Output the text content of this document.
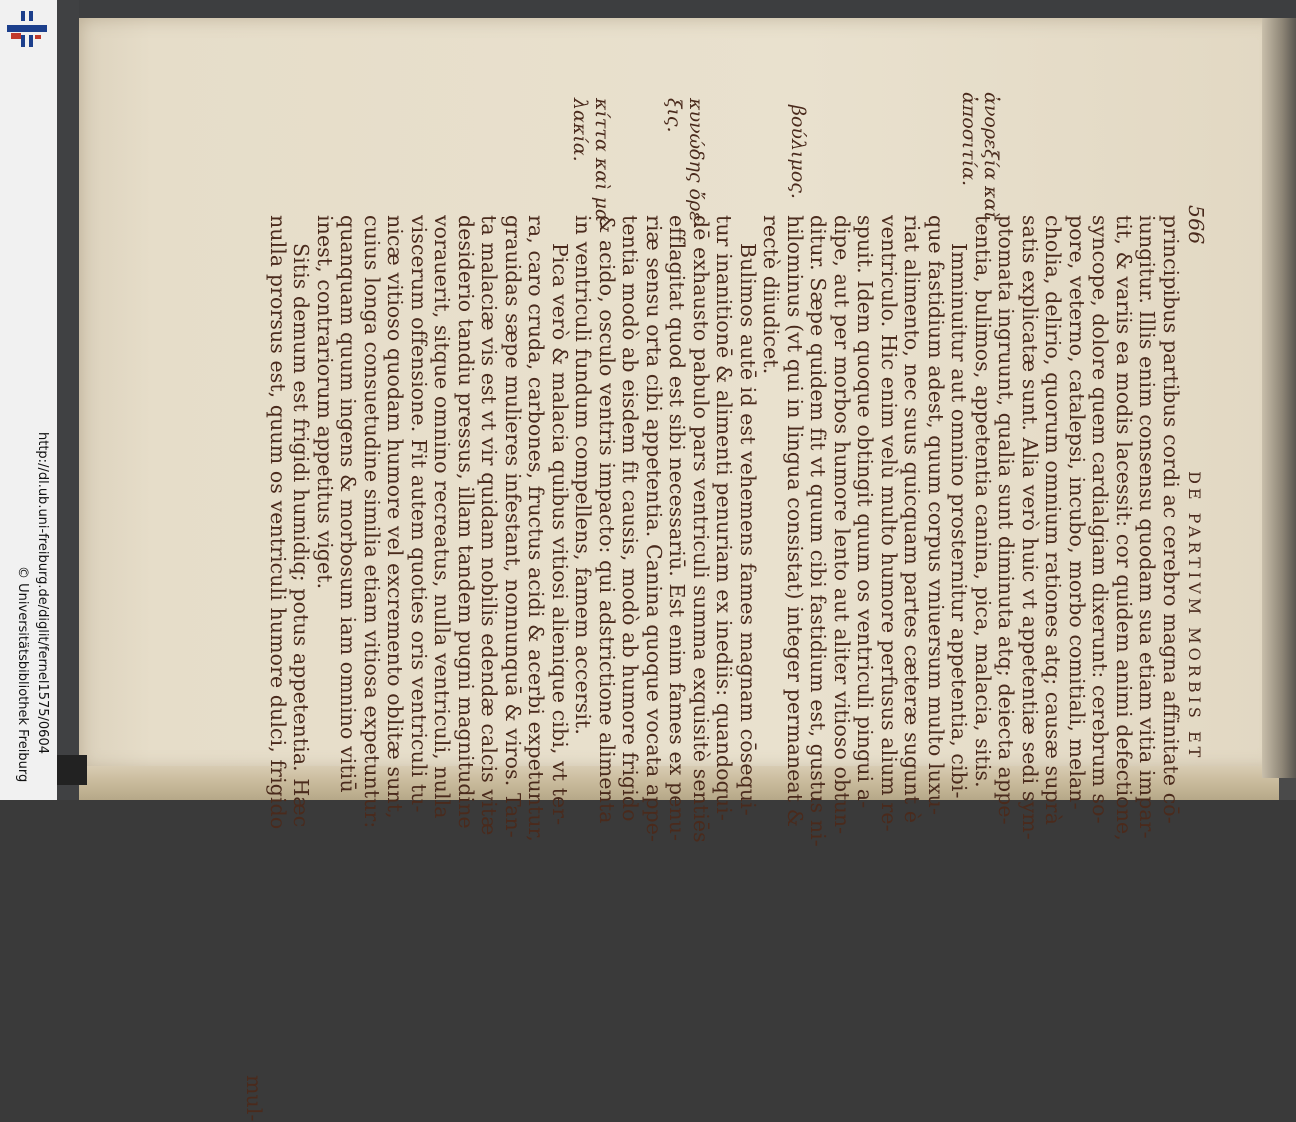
http://dl.ub.uni-freiburg.de/diglit/fernel1575/0604
© Universitätsbibliothek Freiburg
566 DE PARTIVM MORBIS ET
principibus partibus cordi ac cerebro magna affinitate cō-
iungitur. Illis enim consensu quodam sua etiam vitia impar-
tit, & variis ea modis lacessit: cor quidem animi defectione,
syncope, dolore quem cardialgiam dixerunt: cerebrum so-
pore, veterno, catalepsi, incubo, morbo comitiali, melan-
cholia, delirio, quorum omnium rationes atq; causæ suprà
satis explicatæ sunt. Alia verò huic vt appetentiæ sedi sym-
ptomata ingruunt, qualia sunt diminuta atq; deiecta appe-
tentia, bulimos, appetentia canina, pica, malacia, sitis.
Imminuitur aut omnino prosternitur appetentia, cibi-
que fastidium adest, quum corpus vniuersum multo luxu-
riat alimento, nec suus quicquam partes cæteræ sugunt è
ventriculo. Hic enim velù multo humore perfusus alium re-
spuit. Idem quoque obtingit quum os ventriculi pingui a-
dipe, aut per morbos humore lento aut aliter vitioso obtun-
ditur. Sæpe quidem fit vt quum cibi fastidium est, gustus ni-
hilominus (vt qui in lingua consistat) integer permaneat &
rectè diiudicet.
Bulimos autē id est vehemens fames magnam cōsequi-
tur inanitionē & alimenti penuriam ex inediis: quandoqui-
dē exhausto pabulo pars ventriculi summa exquisitè sentiēs
efflagitat quod est sibi necessariū. Est enim fames ex penu-
riæ sensu orta cibi appetentia. Canina quoque vocata appe-
tentia modò ab eisdem fit causis, modò ab humore frigido
& acido, osculo ventris impacto: qui adstrictione alimenta
in ventriculi fundum compellens, famem accersit.
Pica verò & malacia quibus vitiosi alienique cibi, vt ter-
ra, caro cruda, carbones, fructus acidi & acerbi expetuntur,
grauidas sæpe mulieres infestant, nonnunquā & viros. Tan-
ta malaciæ vis est vt vir quidam nobilis edendæ calcis vitæ
desiderio tandiu pressus, illam tandem pugni magnitudine
vorauerit, sitque omnino recreatus, nulla ventriculi, nulla
viscerum offensione. Fit autem quoties oris ventriculi tu-
nicæ vitioso quodam humore vel excremento oblitæ sunt,
cuius longa consuetudine similia etiam vitiosa expetuntur:
quanquam quum ingens & morbosum iam omnino vitiū
inest, contrariorum appetitus viget.
Sitis demum est frigidi humidiq; potus appetentia. Hæc
nulla prorsus est, quum os ventriculi humore dulci, frigido
mul-
ἀνορεξία καὶ
ἀποσιτία.
βούλιμος.
κυνώδης ὄρε-
ξις.
κίττα καὶ μα-
λακία.
